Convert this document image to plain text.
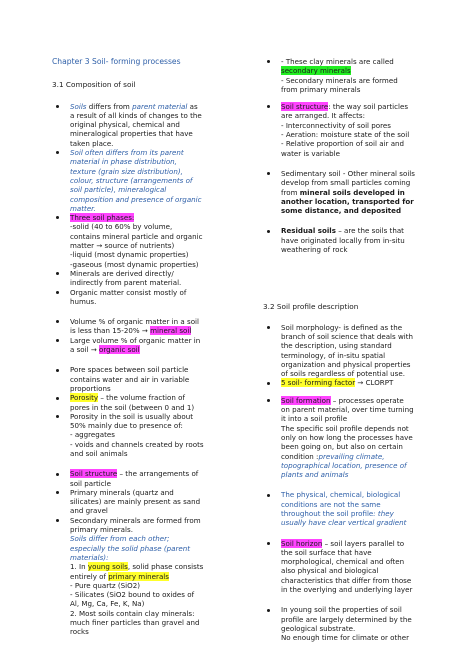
Chapter 3 Soil- forming processes

3.1 Composition of soil

Soils differs from parent material as
a result of all kinds of changes to the
original physical, chemical and
mineralogical properties that have
taken place.
Soil often differs from its parent
material in phase distribution,
texture (grain size distribution),
colour, structure (arrangements of
soil particle), mineralogical
composition and presence of organic
matter.
Three soil phases:
-solid (40 to 60% by volume,
contains mineral particle and organic
matter → source of nutrients)
-liquid (most dynamic properties)
-gaseous (most dynamic properties)
Minerals are derived directly/
indirectly from parent material.
Organic matter consist mostly of
humus.
Volume % of organic matter in a soil
is less than 15-20% → mineral soil
Large volume % of organic matter in
a soil → organic soil
Pore spaces between soil particle
contains water and air in variable
proportions
Porosity – the volume fraction of
pores in the soil (between 0 and 1)
Porosity in the soil is usually about
50% mainly due to presence of:
- aggregates
- voids and channels created by roots
and soil animals
Soil structure – the arrangements of
soil particle
Primary minerals (quartz and
silicates) are mainly present as sand
and gravel
Secondary minerals are formed from
primary minerals.
Soils differ from each other;
especially the solid phase (parent
materials):
1. In young soils, solid phase consists
entirely of primary minerals
- Pure quartz (SiO2)
- Silicates (SiO2 bound to oxides of
Al, Mg, Ca, Fe, K, Na)
2. Most soils contain clay minerals:
much finer particles than gravel and
rocks
- These clay minerals are called
secondary minerals
- Secondary minerals are formed
from primary minerals
Soil structure: the way soil particles
are arranged. It affects:
- Interconnectivity of soil pores
- Aeration: moisture state of the soil
- Relative proportion of soil air and
water is variable
Sedimentary soil - Other mineral soils
develop from small particles coming
from mineral soils developed in
another location, transported for
some distance, and deposited
Residual soils – are the soils that
have originated locally from in-situ
weathering of rock

3.2 Soil profile description

Soil morphology- is defined as the
branch of soil science that deals with
the description, using standard
terminology, of in-situ spatial
organization and physical properties
of soils regardless of potential use.
5 soil- forming factor → CLORPT
Soil formation – processes operate
on parent material, over time turning
it into a soil profile
The specific soil profile depends not
only on how long the processes have
been going on, but also on certain
condition :prevailing climate,
topographical location, presence of
plants and animals
The physical, chemical, biological
conditions are not the same
throughout the soil profile: they
usually have clear vertical gradient
Soil horizon – soil layers parallel to
the soil surface that have
morphological, chemical and often
also physical and biological
characteristics that differ from those
in the overlying and underlying layer
In young soil the properties of soil
profile are largely determined by the
geological substrate.
No enough time for climate or other
